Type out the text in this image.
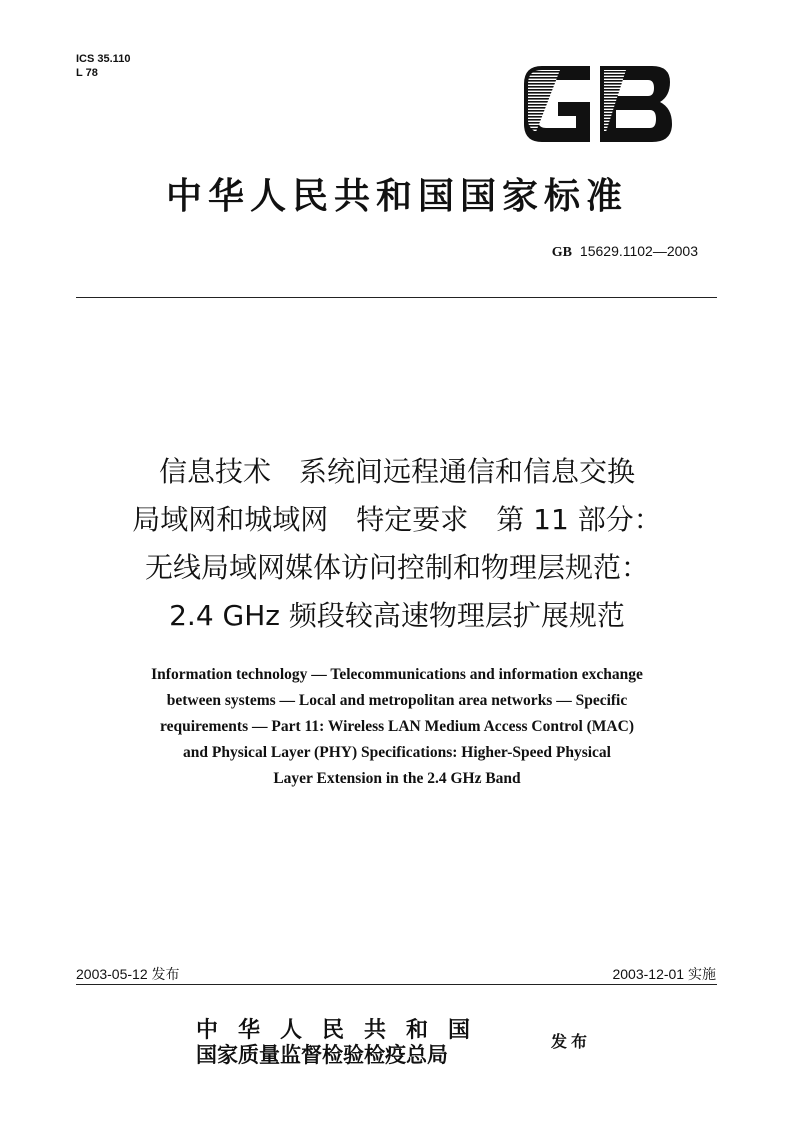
ICS 35.110
L 78
GB
中华人民共和国国家标准
GB 15629.1102—2003
信息技术　系统间远程通信和信息交换
局域网和城域网　特定要求　第 11 部分：
无线局域网媒体访问控制和物理层规范：
2.4 GHz 频段较高速物理层扩展规范
Information technology — Telecommunications and information exchange
between systems — Local and metropolitan area networks — Specific
requirements — Part 11: Wireless LAN Medium Access Control (MAC)
and Physical Layer (PHY) Specifications: Higher-Speed Physical
Layer Extension in the 2.4 GHz Band
2003-05-12 发布	2003-12-01 实施
中华人民共和国
国家质量监督检验检疫总局
发布
